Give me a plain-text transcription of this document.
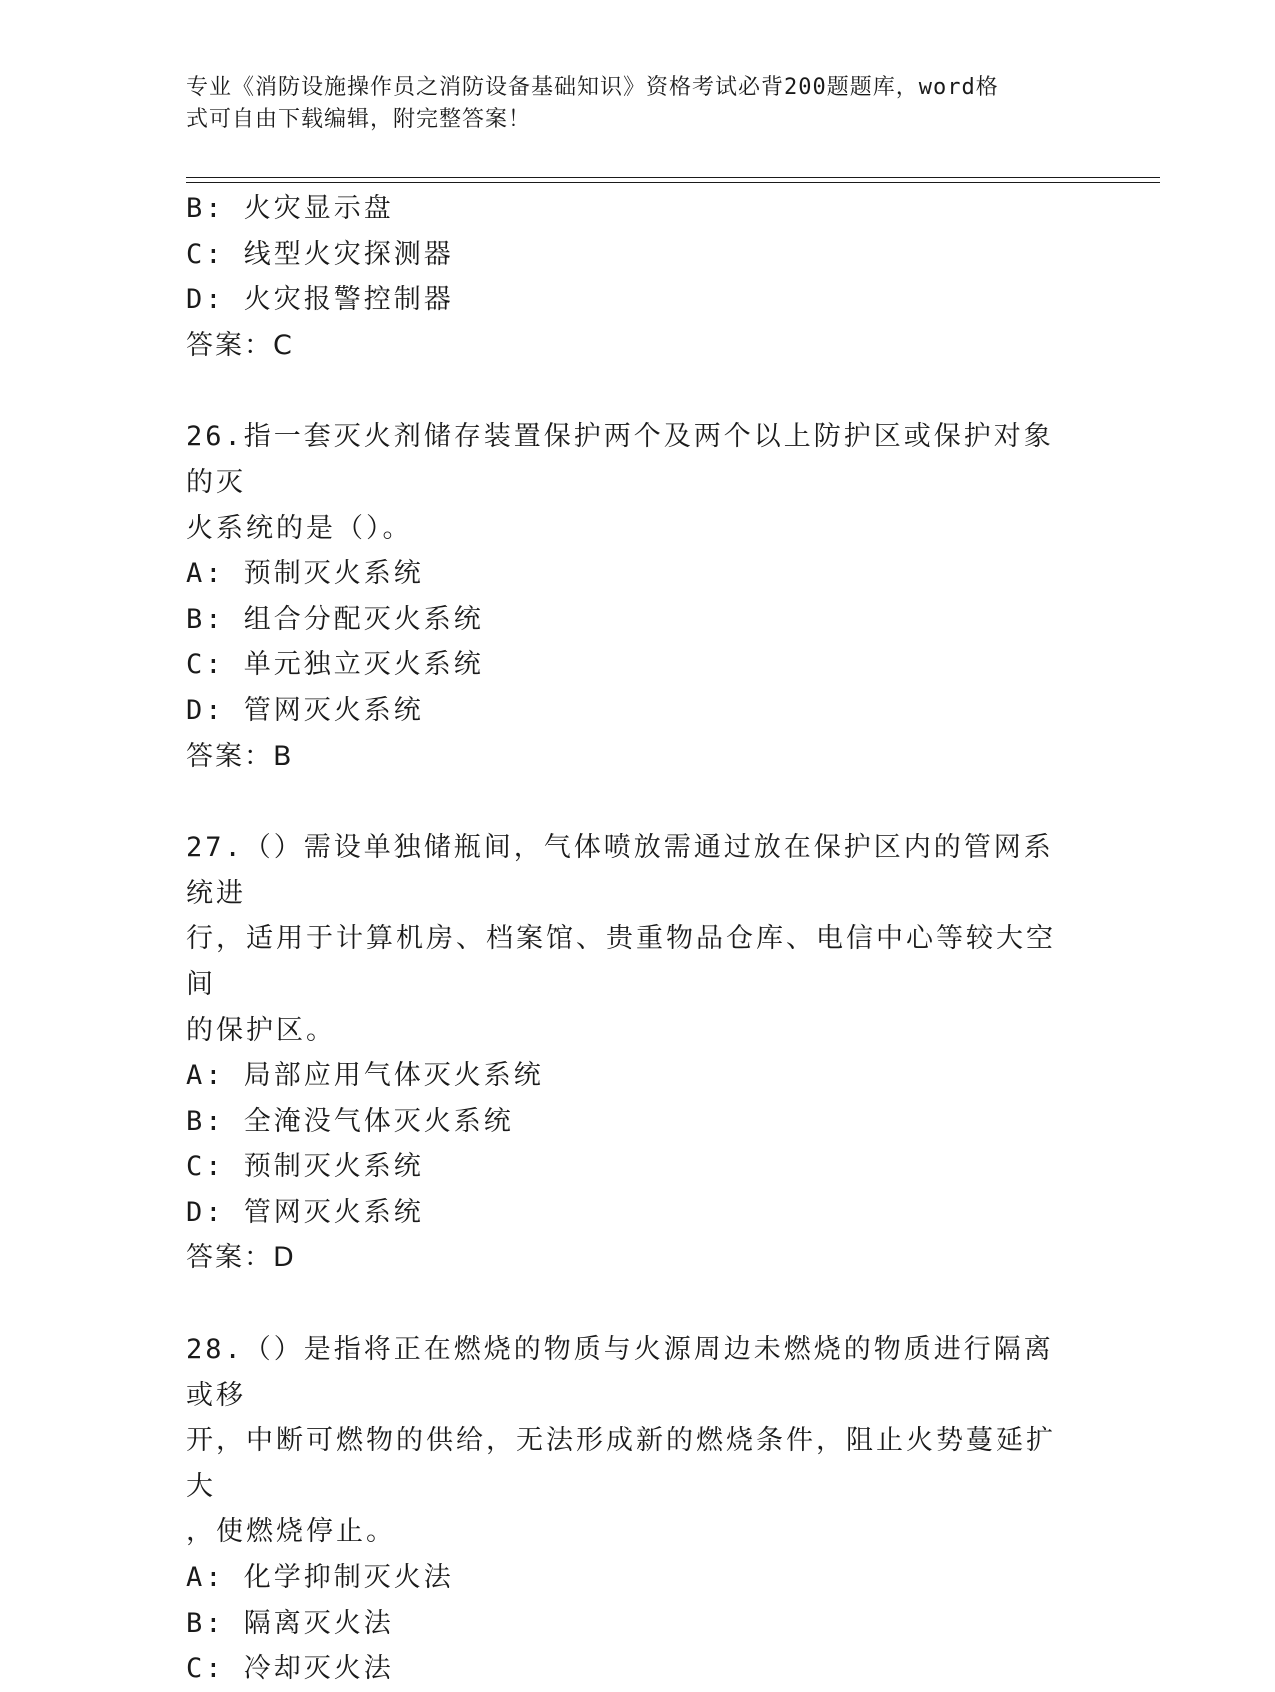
专业《消防设施操作员之消防设备基础知识》资格考试必背200题题库，word格
式可自由下载编辑，附完整答案！
B: 火灾显示盘
C: 线型火灾探测器
D: 火灾报警控制器
答案：C
26.指一套灭火剂储存装置保护两个及两个以上防护区或保护对象的灭
火系统的是（）。
A: 预制灭火系统
B: 组合分配灭火系统
C: 单元独立灭火系统
D: 管网灭火系统
答案：B
27.（）需设单独储瓶间，气体喷放需通过放在保护区内的管网系统进
行，适用于计算机房、档案馆、贵重物品仓库、电信中心等较大空间
的保护区。
A: 局部应用气体灭火系统
B: 全淹没气体灭火系统
C: 预制灭火系统
D: 管网灭火系统
答案：D
28.（）是指将正在燃烧的物质与火源周边未燃烧的物质进行隔离或移
开，中断可燃物的供给，无法形成新的燃烧条件，阻止火势蔓延扩大
，使燃烧停止。
A: 化学抑制灭火法
B: 隔离灭火法
C: 冷却灭火法
